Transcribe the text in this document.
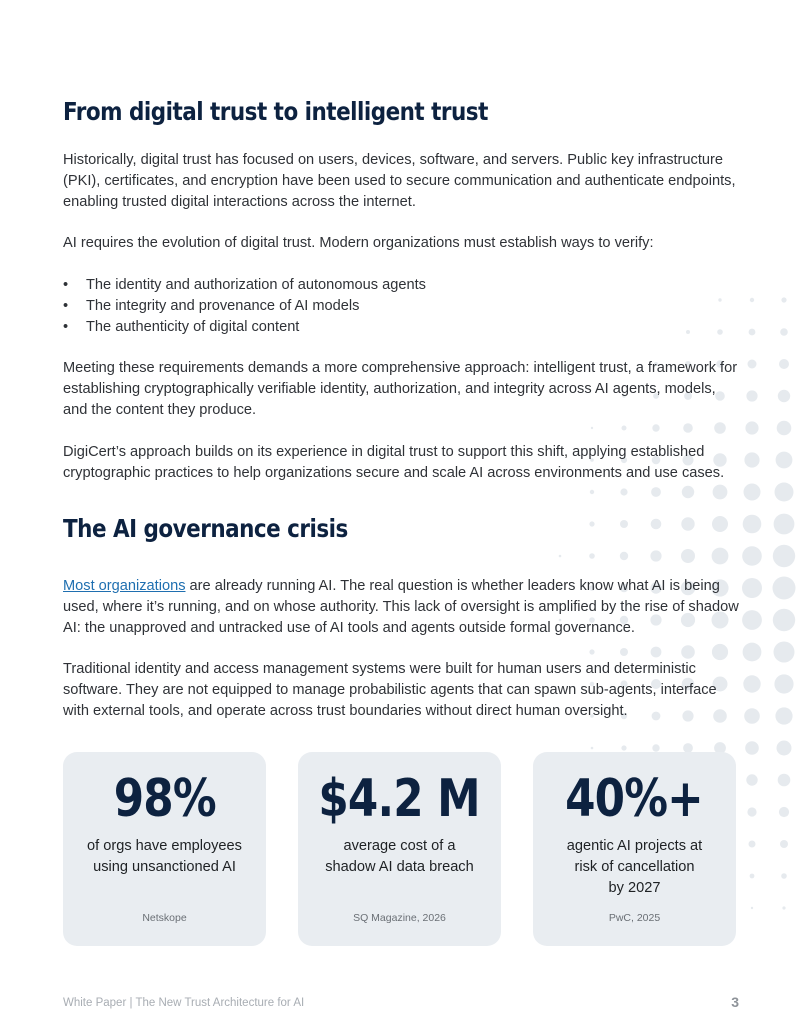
From digital trust to intelligent trust

Historically, digital trust has focused on users, devices, software, and servers. Public key infrastructure (PKI), certificates, and encryption have been used to secure communication and authenticate endpoints, enabling trusted digital interactions across the internet.

AI requires the evolution of digital trust. Modern organizations must establish ways to verify:

• The identity and authorization of autonomous agents
• The integrity and provenance of AI models
• The authenticity of digital content

Meeting these requirements demands a more comprehensive approach: intelligent trust, a framework for establishing cryptographically verifiable identity, authorization, and integrity across AI agents, models, and the content they produce.

DigiCert’s approach builds on its experience in digital trust to support this shift, applying established cryptographic practices to help organizations secure and scale AI across environments and use cases.

The AI governance crisis

Most organizations are already running AI. The real question is whether leaders know what AI is being used, where it’s running, and on whose authority. This lack of oversight is amplified by the rise of shadow AI: the unapproved and untracked use of AI tools and agents outside formal governance.

Traditional identity and access management systems were built for human users and deterministic software. They are not equipped to manage probabilistic agents that can spawn sub-agents, interface with external tools, and operate across trust boundaries without direct human oversight.

98%
of orgs have employees
using unsanctioned AI
Netskope
$4.2 M
average cost of a
shadow AI data breach
SQ Magazine, 2026
40%+
agentic AI projects at
risk of cancellation
by 2027
PwC, 2025
White Paper | The New Trust Architecture for AI	3
